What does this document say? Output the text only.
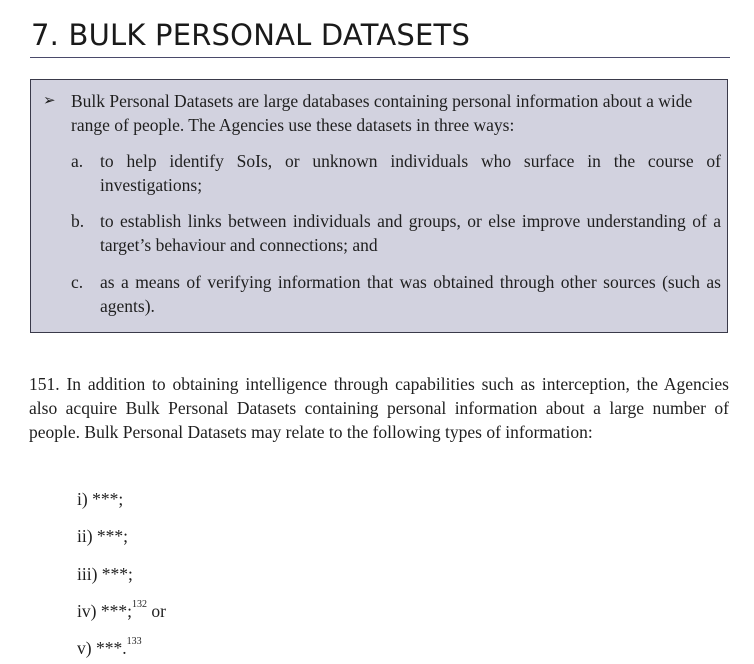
7. BULK PERSONAL DATASETS
➢ Bulk Personal Datasets are large databases containing personal information about a wide range of people. The Agencies use these datasets in three ways:

a. to help identify SoIs, or unknown individuals who surface in the course of investigations;
b. to establish links between individuals and groups, or else improve understanding of a target’s behaviour and connections; and
c. as a means of verifying information that was obtained through other sources (such as agents).

151. In addition to obtaining intelligence through capabilities such as interception, the Agencies also acquire Bulk Personal Datasets containing personal information about a large number of people. Bulk Personal Datasets may relate to the following types of information:

i) ***;
ii) ***;
iii) ***;
iv) ***;$^{132}$ or
v) ***.$^{133}$
